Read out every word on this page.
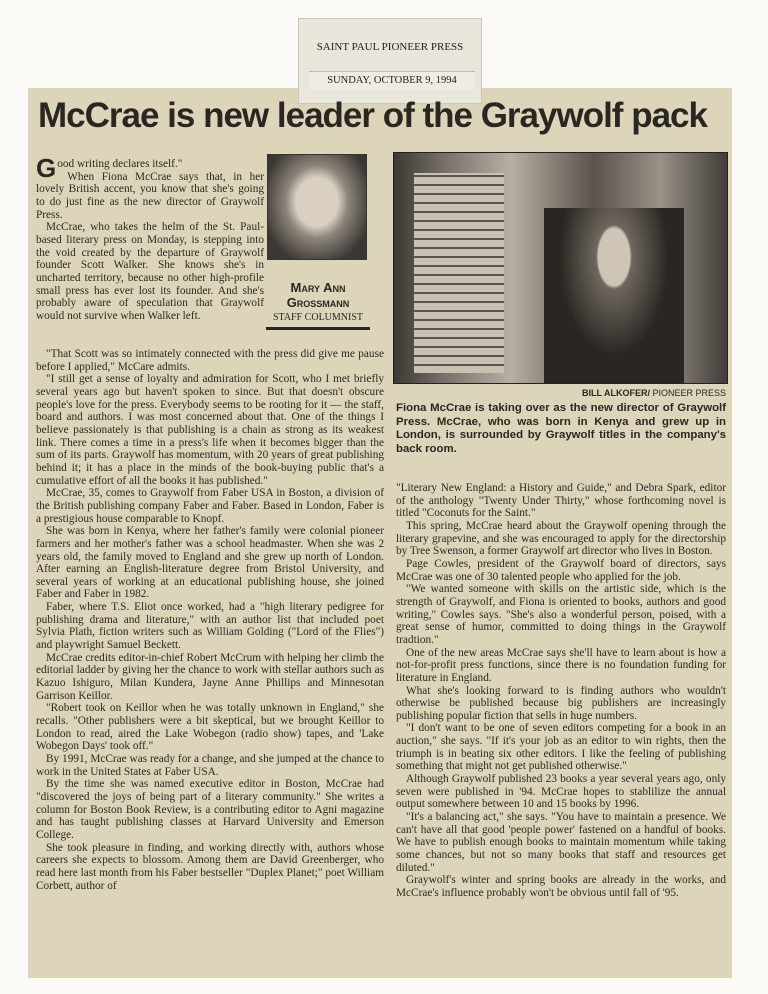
SAINT PAUL PIONEER PRESS
SUNDAY, OCTOBER 9, 1994
McCrae is new leader of the Graywolf pack

Good writing declares itself."

When Fiona McCrae says that, in her lovely British accent, you know that she's going to do just fine as the new director of Graywolf Press.

McCrae, who takes the helm of the St. Paul-based literary press on Monday, is stepping into the void created by the departure of Graywolf founder Scott Walker. She knows she's in uncharted territory, because no other high-profile small press has ever lost its founder. And she's probably aware of speculation that Graywolf would not survive when Walker left.

Mary Ann
Grossmann
STAFF COLUMNIST

"That Scott was so intimately connected with the press did give me pause before I applied," McCare admits.

"I still get a sense of loyalty and admiration for Scott, who I met briefly several years ago but haven't spoken to since. But that doesn't obscure people's love for the press. Everybody seems to be rooting for it — the staff, board and authors. I was most concerned about that. One of the things I believe passionately is that publishing is a chain as strong as its weakest link. There comes a time in a press's life when it becomes bigger than the sum of its parts. Graywolf has momentum, with 20 years of great publishing behind it; it has a place in the minds of the book-buying public that's a cumulative effort of all the books it has published."

McCrae, 35, comes to Graywolf from Faber USA in Boston, a division of the British publishing company Faber and Faber. Based in London, Faber is a prestigious house comparable to Knopf.

She was born in Kenya, where her father's family were colonial pioneer farmers and her mother's father was a school headmaster. When she was 2 years old, the family moved to England and she grew up north of London. After earning an English-literature degree from Bristol University, and several years of working at an educational publishing house, she joined Faber and Faber in 1982.

Faber, where T.S. Eliot once worked, had a "high literary pedigree for publishing drama and literature," with an author list that included poet Sylvia Plath, fiction writers such as William Golding ("Lord of the Flies") and playwright Samuel Beckett.

McCrae credits editor-in-chief Robert McCrum with helping her climb the editorial ladder by giving her the chance to work with stellar authors such as Kazuo Ishiguro, Milan Kundera, Jayne Anne Phillips and Minnesotan Garrison Keillor.

"Robert took on Keillor when he was totally unknown in England," she recalls. "Other publishers were a bit skeptical, but we brought Keillor to London to read, aired the Lake Wobegon (radio show) tapes, and 'Lake Wobegon Days' took off."

By 1991, McCrae was ready for a change, and she jumped at the chance to work in the United States at Faber USA.

By the time she was named executive editor in Boston, McCrae had "discovered the joys of being part of a literary community." She writes a column for Boston Book Review, is a contributing editor to Agni magazine and has taught publishing classes at Harvard University and Emerson College.

She took pleasure in finding, and working directly with, authors whose careers she expects to blossom. Among them are David Greenberger, who read here last month from his Faber bestseller "Duplex Planet;" poet William Corbett, author of

BILL ALKOFER/ PIONEER PRESS
Fiona McCrae is taking over as the new director of Graywolf Press. McCrae, who was born in Kenya and grew up in London, is surrounded by Graywolf titles in the company's back room.

"Literary New England: a History and Guide," and Debra Spark, editor of the anthology "Twenty Under Thirty," whose forthcoming novel is titled "Coconuts for the Saint."

This spring, McCrae heard about the Graywolf opening through the literary grapevine, and she was encouraged to apply for the directorship by Tree Swenson, a former Graywolf art director who lives in Boston.

Page Cowles, president of the Graywolf board of directors, says McCrae was one of 30 talented people who applied for the job.

"We wanted someone with skills on the artistic side, which is the strength of Graywolf, and Fiona is oriented to books, authors and good writing," Cowles says. "She's also a wonderful person, poised, with a great sense of humor, committed to doing things in the Graywolf tradtion."

One of the new areas McCrae says she'll have to learn about is how a not-for-profit press functions, since there is no foundation funding for literature in England.

What she's looking forward to is finding authors who wouldn't otherwise be published because big publishers are increasingly publishing popular fiction that sells in huge numbers.

"I don't want to be one of seven editors competing for a book in an auction," she says. "If it's your job as an editor to win rights, then the triumph is in beating six other editors. I like the feeling of publishing something that might not get published otherwise."

Although Graywolf published 23 books a year several years ago, only seven were published in '94. McCrae hopes to stablilize the annual output somewhere between 10 and 15 books by 1996.

"It's a balancing act," she says. "You have to maintain a presence. We can't have all that good 'people power' fastened on a handful of books. We have to publish enough books to maintain momentum while taking some chances, but not so many books that staff and resources get diluted."

Graywolf's winter and spring books are already in the works, and McCrae's influence probably won't be obvious until fall of '95.
